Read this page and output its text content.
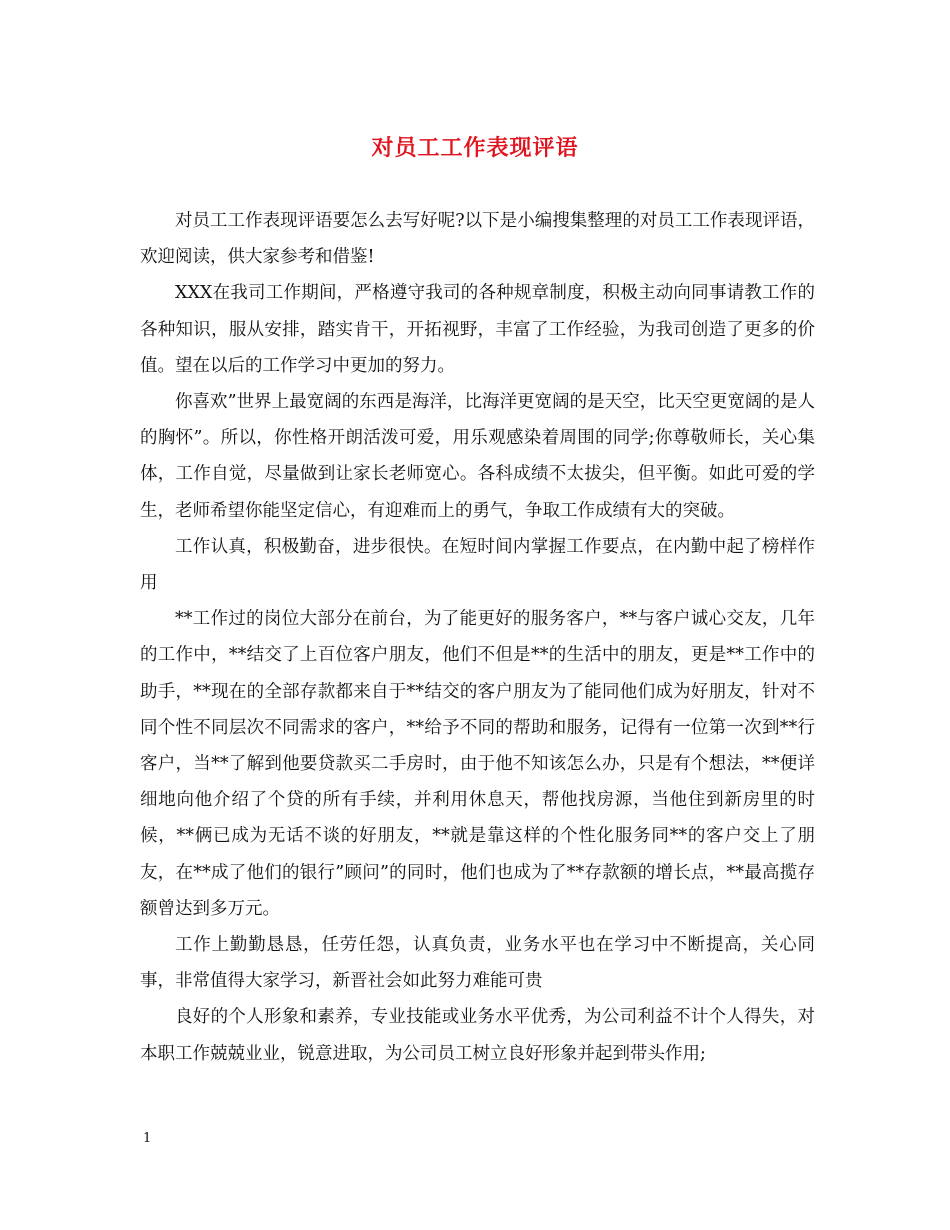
对员工工作表现评语

对员工工作表现评语要怎么去写好呢?以下是小编搜集整理的对员工工作表现评语，欢迎阅读，供大家参考和借鉴!

XXX在我司工作期间，严格遵守我司的各种规章制度，积极主动向同事请教工作的各种知识，服从安排，踏实肯干，开拓视野，丰富了工作经验，为我司创造了更多的价值。望在以后的工作学习中更加的努力。

你喜欢”世界上最宽阔的东西是海洋，比海洋更宽阔的是天空，比天空更宽阔的是人的胸怀”。所以，你性格开朗活泼可爱，用乐观感染着周围的同学;你尊敬师长，关心集体，工作自觉，尽量做到让家长老师宽心。各科成绩不太拔尖，但平衡。如此可爱的学生，老师希望你能坚定信心，有迎难而上的勇气，争取工作成绩有大的突破。

工作认真，积极勤奋，进步很快。在短时间内掌握工作要点，在内勤中起了榜样作用

**工作过的岗位大部分在前台，为了能更好的服务客户，**与客户诚心交友，几年的工作中，**结交了上百位客户朋友，他们不但是**的生活中的朋友，更是**工作中的助手，**现在的全部存款都来自于**结交的客户朋友为了能同他们成为好朋友，针对不同个性不同层次不同需求的客户，**给予不同的帮助和服务，记得有一位第一次到**行客户，当**了解到他要贷款买二手房时，由于他不知该怎么办，只是有个想法，**便详细地向他介绍了个贷的所有手续，并利用休息天，帮他找房源，当他住到新房里的时候，**俩已成为无话不谈的好朋友，**就是靠这样的个性化服务同**的客户交上了朋友，在**成了他们的银行”顾问”的同时，他们也成为了**存款额的增长点，**最高揽存额曾达到多万元。

工作上勤勤恳恳，任劳任怨，认真负责，业务水平也在学习中不断提高，关心同事，非常值得大家学习，新晋社会如此努力难能可贵

良好的个人形象和素养，专业技能或业务水平优秀，为公司利益不计个人得失，对本职工作兢兢业业，锐意进取，为公司员工树立良好形象并起到带头作用;

1
